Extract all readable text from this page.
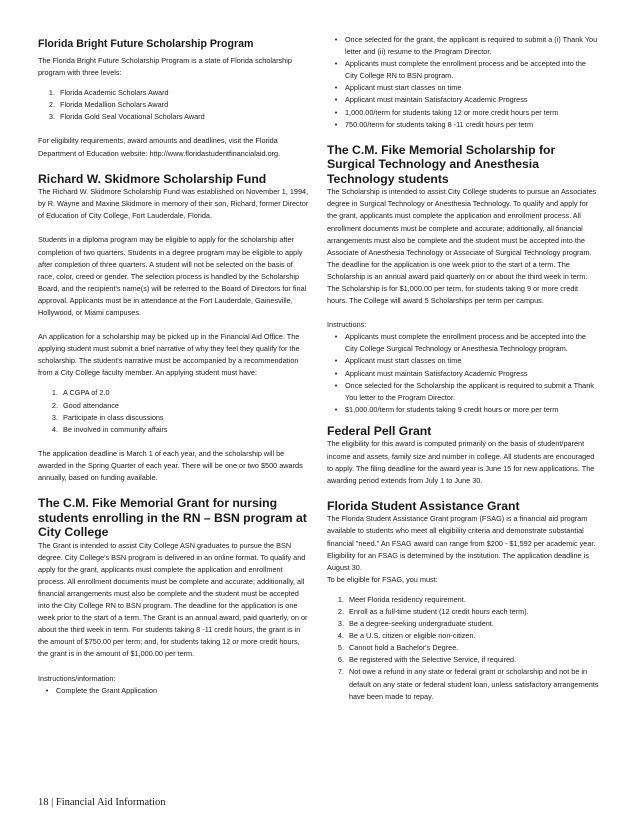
Florida Bright Future Scholarship Program

The Florida Bright Future Scholarship Program is a state of Florida scholarship program with three levels:

1. Florida Academic Scholars Award
2. Florida Medallion Scholars Award
3. Florida Gold Seal Vocational Scholars Award

For eligibility requirements, award amounts and deadlines, visit the Florida Department of Education website: http://www.floridastudentfinancialaid.org.

Richard W. Skidmore Scholarship Fund

The Richard W. Skidmore Scholarship Fund was established on November 1, 1994, by R. Wayne and Maxine Skidmore in memory of their son, Richard, former Director of Education of City College, Fort Lauderdale, Florida.

Students in a diploma program may be eligible to apply for the scholarship after completion of two quarters. Students in a degree program may be eligible to apply after completion of three quarters. A student will not be selected on the basis of race, color, creed or gender. The selection process is handled by the Scholarship Board, and the recipient's name(s) will be referred to the Board of Directors for final approval. Applicants must be in attendance at the Fort Lauderdale, Gainesville, Hollywood, or Miami campuses.

An application for a scholarship may be picked up in the Financial Aid Office. The applying student must submit a brief narrative of why they feel they qualify for the scholarship. The student's narrative must be accompanied by a recommendation from a City College faculty member. An applying student must have:

1. A CGPA of 2.0
2. Good attendance
3. Participate in class discussions
4. Be involved in community affairs

The application deadline is March 1 of each year, and the scholarship will be awarded in the Spring Quarter of each year. There will be one or two $500 awards annually, based on funding available.

The C.M. Fike Memorial Grant for nursing students enrolling in the RN – BSN program at City College

The Grant is intended to assist City College ASN graduates to pursue the BSN degree. City College's BSN program is delivered in an online format. To qualify and apply for the grant, applicants must complete the application and enrollment process. All enrollment documents must be complete and accurate; additionally, all financial arrangements must also be complete and the student must be accepted into the City College RN to BSN program. The deadline for the application is one week prior to the start of a term. The Grant is an annual award, paid quarterly, on or about the third week in term. For students taking 8 -11 credit hours, the grant is in the amount of $750.00 per term; and, for students taking 12 or more credit hours, the grant is in the amount of $1,000.00 per term.

Instructions/information:

•	Complete the Grant Application
•	Once selected for the grant, the applicant is required to submit a (i) Thank You letter and (ii) resume to the Program Director.
•	Applicants must complete the enrollment process and be accepted into the City College RN to BSN program.
•	Applicant must start classes on time
•	Applicant must maintain Satisfactory Academic Progress
•	1,000.00/term for students taking 12 or more credit hours per term
•	750.00/term for students taking 8 -11 credit hours per term
The C.M. Fike Memorial Scholarship for Surgical Technology and Anesthesia Technology students

The Scholarship is intended to assist City College students to pursue an Associates degree in Surgical Technology or Anesthesia Technology. To qualify and apply for the grant, applicants must complete the application and enrollment process. All enrollment documents must be complete and accurate; additionally, all financial arrangements must also be complete and the student must be accepted into the Associate of Anesthesia Technology or Associate of Surgical Technology program. The deadline for the application is one week prior to the start of a term. The Scholarship is an annual award paid quarterly on or about the third week in term. The Scholarship is for $1,000.00 per term, for students taking 9 or more credit hours. The College will award 5 Scholarships per term per campus.

Instructions:

•	Applicants must complete the enrollment process and be accepted into the City College Surgical Technology or Anesthesia Technology program.
•	Applicant must start classes on time
•	Applicant must maintain Satisfactory Academic Progress
•	Once selected for the Scholarship the applicant is required to submit a Thank You letter to the Program Director.
•	$1,000.00/term for students taking 9 credit hours or more per term
Federal Pell Grant

The eligibility for this award is computed primarily on the basis of student/parent income and assets, family size and number in college. All students are encouraged to apply. The filing deadline for the award year is June 15 for new applications. The awarding period extends from July 1 to June 30.

Florida Student Assistance Grant

The Florida Student Assistance Grant program (FSAG) is a financial aid program available to students who meet all eligibility criteria and demonstrate substantial financial "need." An FSAG award can range from $200 - $1,592 per academic year. Eligibility for an FSAG is determined by the institution. The application deadline is August 30.

To be eligible for FSAG, you must:

1. Meet Florida residency requirement.
2. Enroll as a full-time student (12 credit hours each term).
3. Be a degree-seeking undergraduate student.
4. Be a U.S. citizen or eligible non-citizen.
5. Cannot hold a Bachelor's Degree.
6. Be registered with the Selective Service, if required.
7. Not owe a refund in any state or federal grant or scholarship and not be in default on any state or federal student loan, unless satisfactory arrangements have been made to repay.
18 | Financial Aid Information
